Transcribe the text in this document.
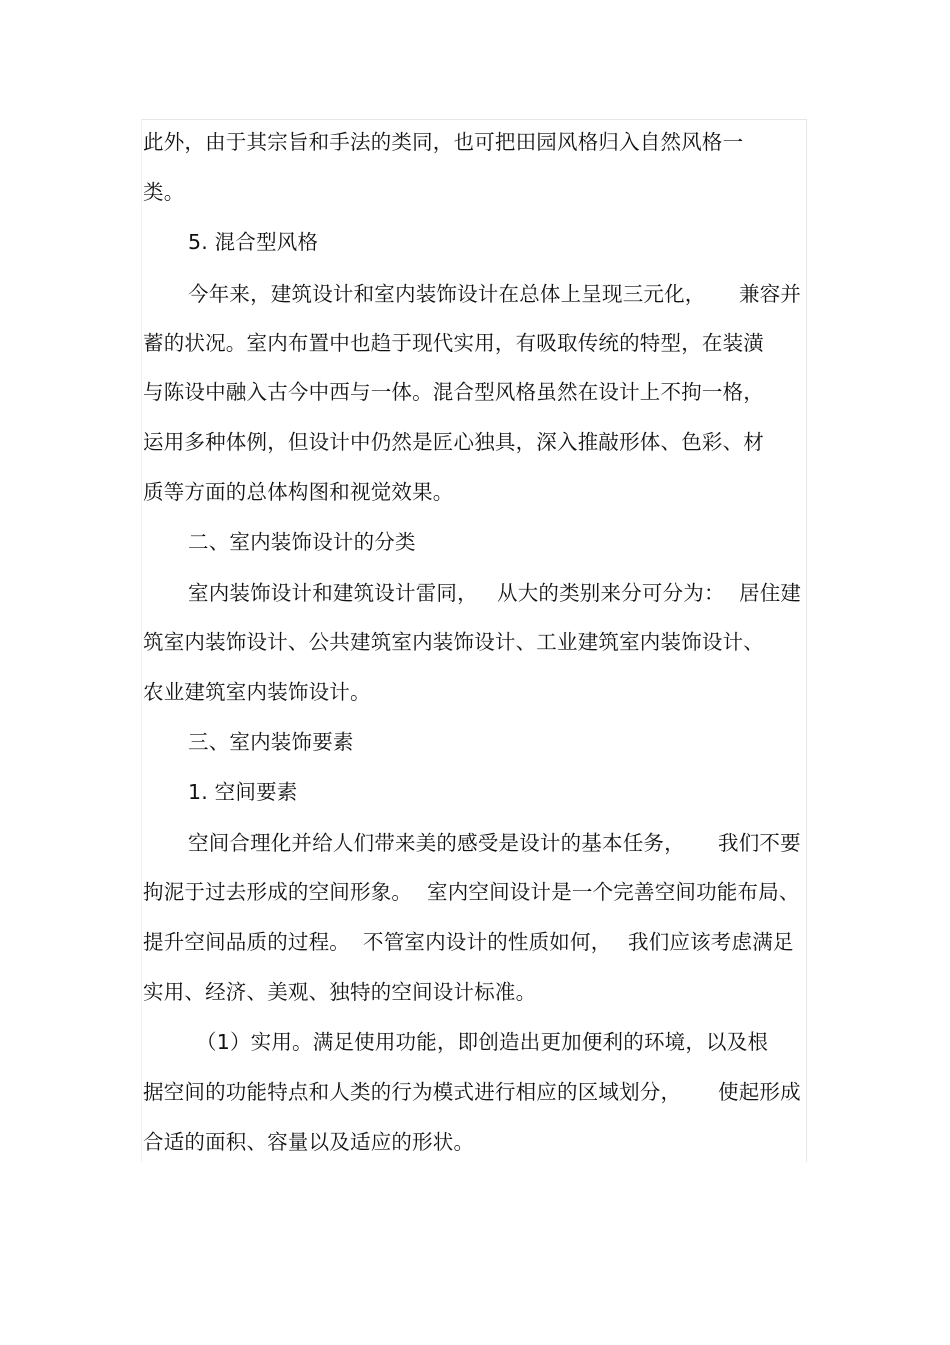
此外，由于其宗旨和手法的类同，也可把田园风格归入自然风格一
类。
5. 混合型风格
今年来，建筑设计和室内装饰设计在总体上呈现三元化， 兼容并
蓄的状况。室内布置中也趋于现代实用，有吸取传统的特型，在装潢
与陈设中融入古今中西与一体。混合型风格虽然在设计上不拘一格，
运用多种体例，但设计中仍然是匠心独具，深入推敲形体、色彩、材
质等方面的总体构图和视觉效果。
二、室内装饰设计的分类
室内装饰设计和建筑设计雷同， 从大的类别来分可分为： 居住建
筑室内装饰设计、公共建筑室内装饰设计、工业建筑室内装饰设计、
农业建筑室内装饰设计。
三、室内装饰要素
1. 空间要素
空间合理化并给人们带来美的感受是设计的基本任务， 我们不要
拘泥于过去形成的空间形象。 室内空间设计是一个完善空间功能布局、
提升空间品质的过程。 不管室内设计的性质如何， 我们应该考虑满足
实用、经济、美观、独特的空间设计标准。
（1）实用。满足使用功能，即创造出更加便利的环境，以及根
据空间的功能特点和人类的行为模式进行相应的区域划分， 使起形成
合适的面积、容量以及适应的形状。
